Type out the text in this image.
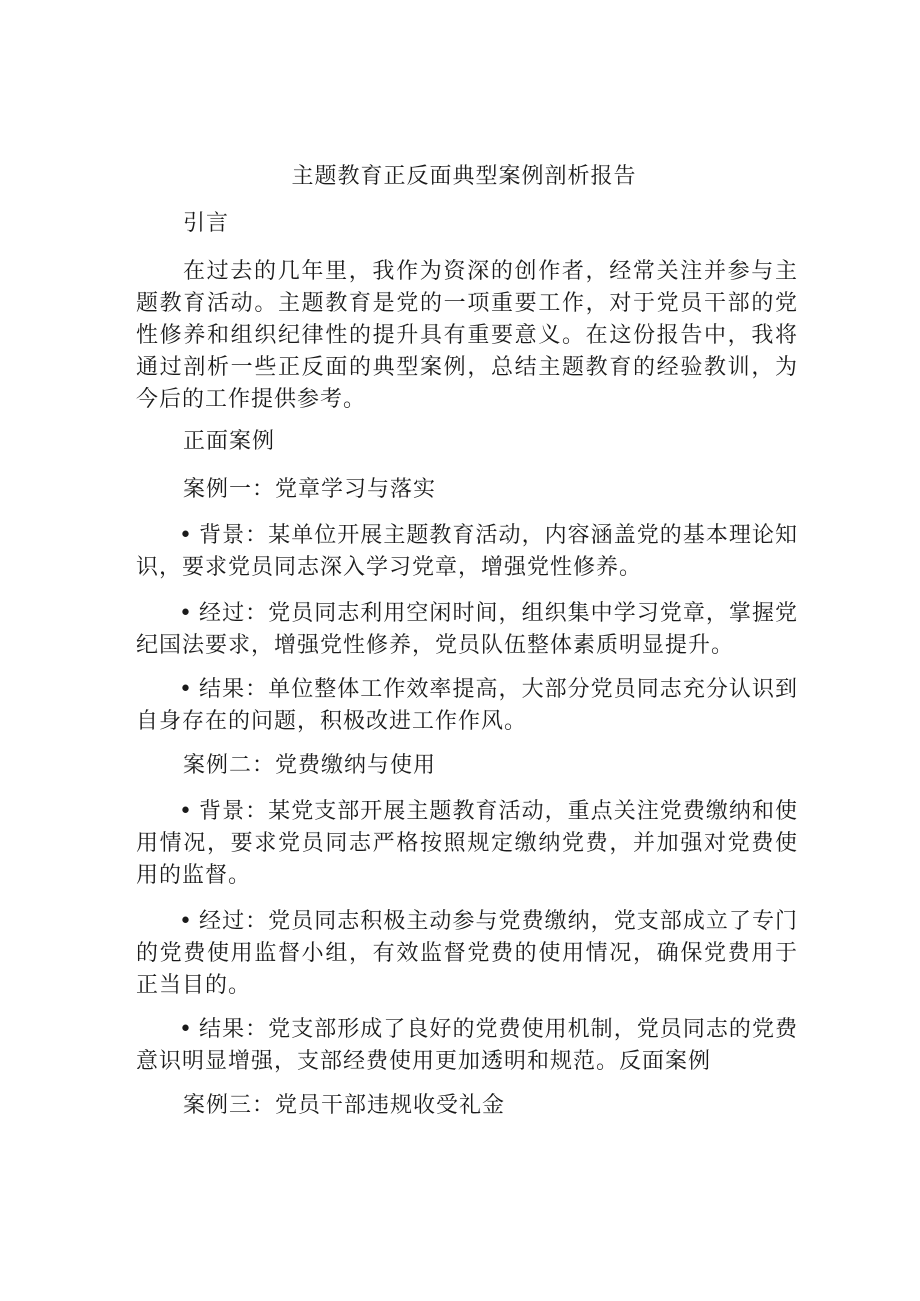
主题教育正反面典型案例剖析报告

引言

在过去的几年里，我作为资深的创作者，经常关注并参与主题教育活动。主题教育是党的一项重要工作，对于党员干部的党性修养和组织纪律性的提升具有重要意义。在这份报告中，我将通过剖析一些正反面的典型案例，总结主题教育的经验教训，为今后的工作提供参考。

正面案例

案例一：党章学习与落实

• 背景：某单位开展主题教育活动，内容涵盖党的基本理论知识，要求党员同志深入学习党章，增强党性修养。

• 经过：党员同志利用空闲时间，组织集中学习党章，掌握党纪国法要求，增强党性修养，党员队伍整体素质明显提升。

• 结果：单位整体工作效率提高，大部分党员同志充分认识到自身存在的问题，积极改进工作作风。

案例二：党费缴纳与使用

• 背景：某党支部开展主题教育活动，重点关注党费缴纳和使用情况，要求党员同志严格按照规定缴纳党费，并加强对党费使用的监督。

• 经过：党员同志积极主动参与党费缴纳，党支部成立了专门的党费使用监督小组，有效监督党费的使用情况，确保党费用于正当目的。

• 结果：党支部形成了良好的党费使用机制，党员同志的党费意识明显增强，支部经费使用更加透明和规范。反面案例

案例三：党员干部违规收受礼金
